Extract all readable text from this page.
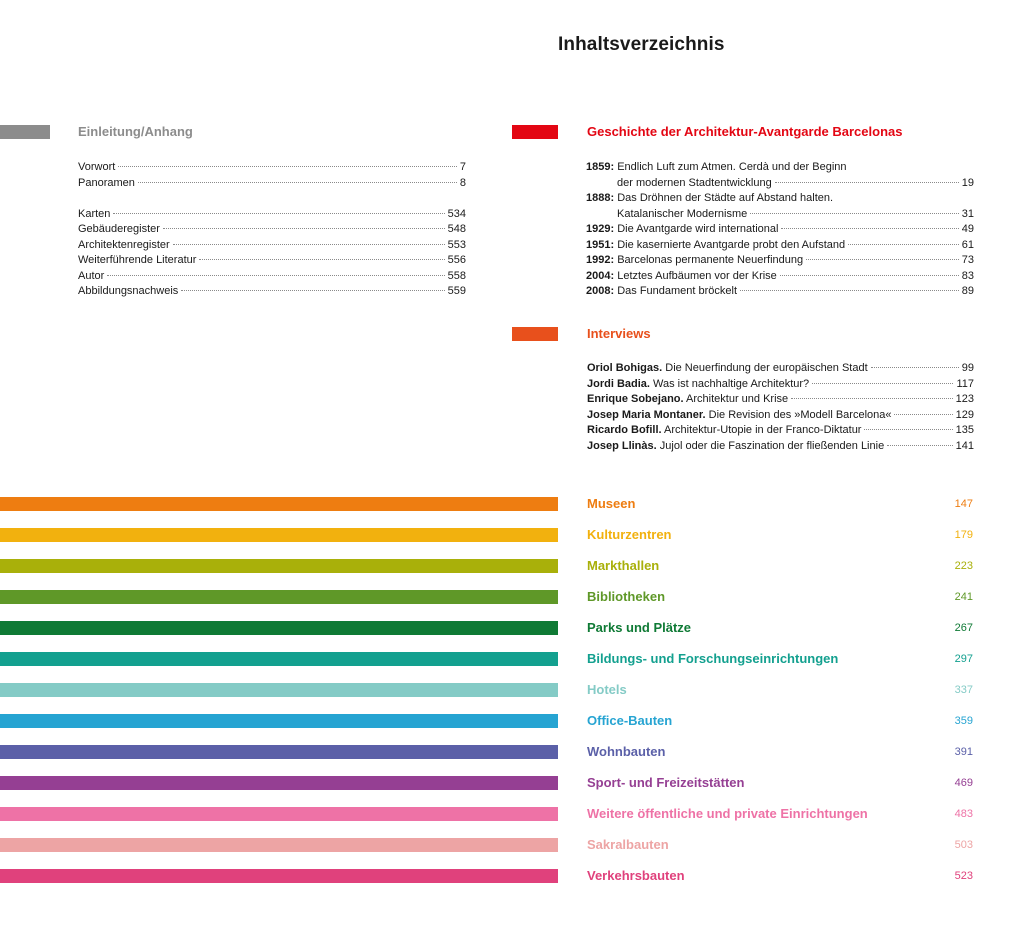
Inhaltsverzeichnis
Einleitung/Anhang
Vorwort	7
Panoramen	8
Karten	534
Gebäuderegister	548
Architektenregister	553
Weiterführende Literatur	556
Autor	558
Abbildungsnachweis	559
Geschichte der Architektur-Avantgarde Barcelonas
1859: Endlich Luft zum Atmen. Cerdà und der Beginn
der modernen Stadtentwicklung	19
1888: Das Dröhnen der Städte auf Abstand halten.
Katalanischer Modernisme	31
1929: Die Avantgarde wird international	49
1951: Die kasernierte Avantgarde probt den Aufstand	61
1992: Barcelonas permanente Neuerfindung	73
2004: Letztes Aufbäumen vor der Krise	83
2008: Das Fundament bröckelt	89
Interviews
Oriol Bohigas. Die Neuerfindung der europäischen Stadt	99
Jordi Badia. Was ist nachhaltige Architektur?	117
Enrique Sobejano. Architektur und Krise	123
Josep Maria Montaner. Die Revision des »Modell Barcelona«	129
Ricardo Bofill. Architektur-Utopie in der Franco-Diktatur	135
Josep Llinàs. Jujol oder die Faszination der fließenden Linie	141
Museen	147
Kulturzentren	179
Markthallen	223
Bibliotheken	241
Parks und Plätze	267
Bildungs- und Forschungseinrichtungen	297
Hotels	337
Office-Bauten	359
Wohnbauten	391
Sport- und Freizeitstätten	469
Weitere öffentliche und private Einrichtungen	483
Sakralbauten	503
Verkehrsbauten	523
